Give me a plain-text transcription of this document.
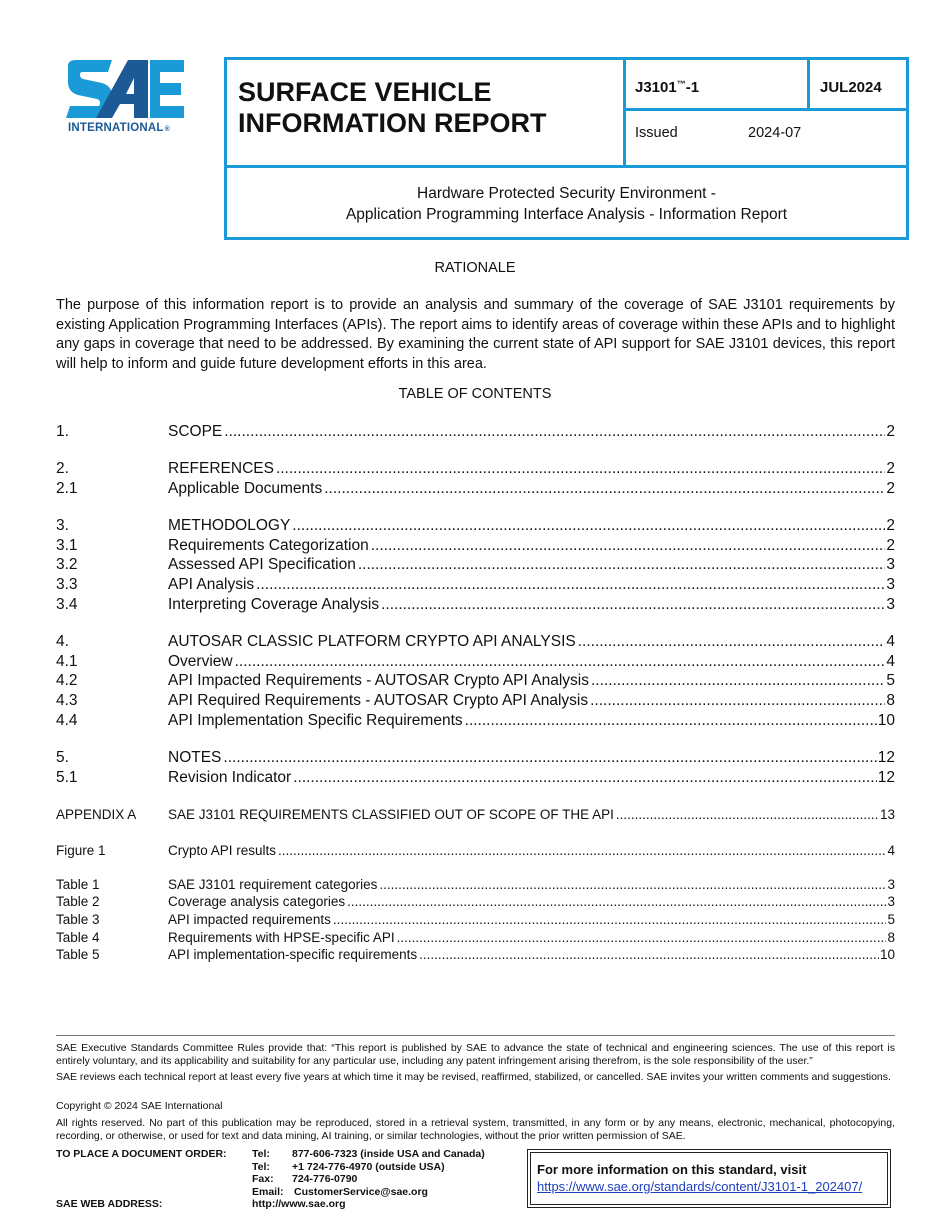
INTERNATIONAL®
SURFACE VEHICLE
INFORMATION REPORT
J3101™-1	JUL2024
Issued	2024-07
Hardware Protected Security Environment -
Application Programming Interface Analysis - Information Report
RATIONALE
The purpose of this information report is to provide an analysis and summary of the coverage of SAE J3101 requirements by existing Application Programming Interfaces (APIs). The report aims to identify areas of coverage within these APIs and to highlight any gaps in coverage that need to be addressed. By examining the current state of API support for SAE J3101 devices, this report will help to inform and guide future development efforts in this area.
TABLE OF CONTENTS
1.	SCOPE .....	2
2.	REFERENCES .....	2
2.1	Applicable Documents .....	2
3.	METHODOLOGY .....	2
3.1	Requirements Categorization .....	2
3.2	Assessed API Specification .....	3
3.3	API Analysis .....	3
3.4	Interpreting Coverage Analysis .....	3
4.	AUTOSAR CLASSIC PLATFORM CRYPTO API ANALYSIS .....	4
4.1	Overview .....	4
4.2	API Impacted Requirements - AUTOSAR Crypto API Analysis .....	5
4.3	API Required Requirements - AUTOSAR Crypto API Analysis .....	8
4.4	API Implementation Specific Requirements .....	10
5.	NOTES .....	12
5.1	Revision Indicator .....	12
APPENDIX A	SAE J3101 REQUIREMENTS CLASSIFIED OUT OF SCOPE OF THE API .....	13
Figure 1	Crypto API results .....	4
Table 1	SAE J3101 requirement categories .....	3
Table 2	Coverage analysis categories .....	3
Table 3	API impacted requirements .....	5
Table 4	Requirements with HPSE-specific API .....	8
Table 5	API implementation-specific requirements .....	10
SAE Executive Standards Committee Rules provide that: “This report is published by SAE to advance the state of technical and engineering sciences. The use of this report is entirely voluntary, and its applicability and suitability for any particular use, including any patent infringement arising therefrom, is the sole responsibility of the user.”
SAE reviews each technical report at least every five years at which time it may be revised, reaffirmed, stabilized, or cancelled. SAE invites your written comments and suggestions.
Copyright © 2024 SAE International
All rights reserved. No part of this publication may be reproduced, stored in a retrieval system, transmitted, in any form or by any means, electronic, mechanical, photocopying, recording, or otherwise, or used for text and data mining, AI training, or similar technologies, without the prior written permission of SAE.
TO PLACE A DOCUMENT ORDER: Tel: 877-606-7323 (inside USA and Canada)
Tel: +1 724-776-4970 (outside USA)
Fax: 724-776-0790
Email: CustomerService@sae.org
SAE WEB ADDRESS:	http://www.sae.org
For more information on this standard, visit
https://www.sae.org/standards/content/J3101-1_202407/
